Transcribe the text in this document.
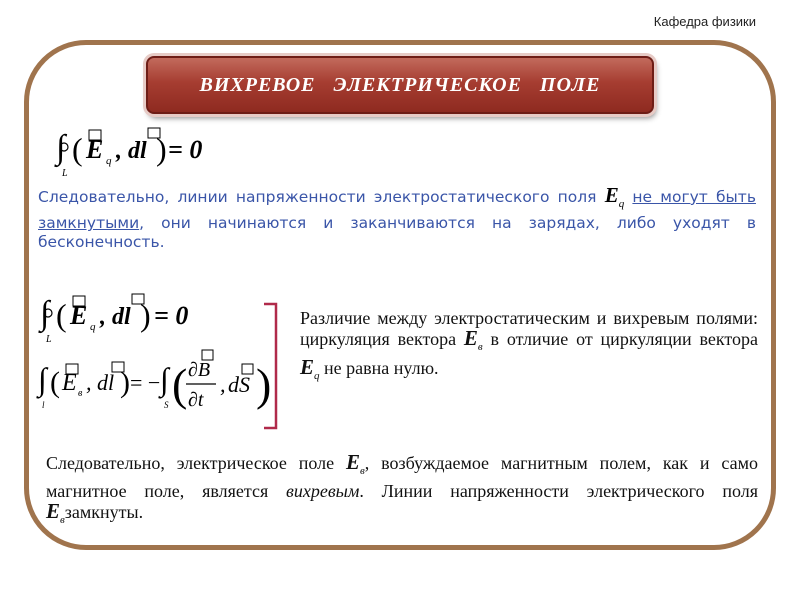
Кафедра физики
ВИХРЕВОЕ ЭЛЕКТРИЧЕСКОЕ ПОЛЕ
∫
L
( E q , dl ) = 0
Следовательно, линии напряженности электростатического поля $E_q$ не могут быть замкнутыми, они начинаются и заканчиваются на зарядах, либо уходят в бесконечность.
∫
L
( E q , dl ) = 0
∫
l
( E в , dl ) = − ∫
S ( ∂B
∂t
, dS )
Различие между электростатическим и вихревым полями: циркуляция вектора $E_в$ в отличие от циркуляции вектора $E_q$ не равна нулю.
Следовательно, электрическое поле $E_в$, возбуждаемое магнитным полем, как и само магнитное поле, является вихревым. Линии напряженности электрического поля $E_взамкнуты$.
